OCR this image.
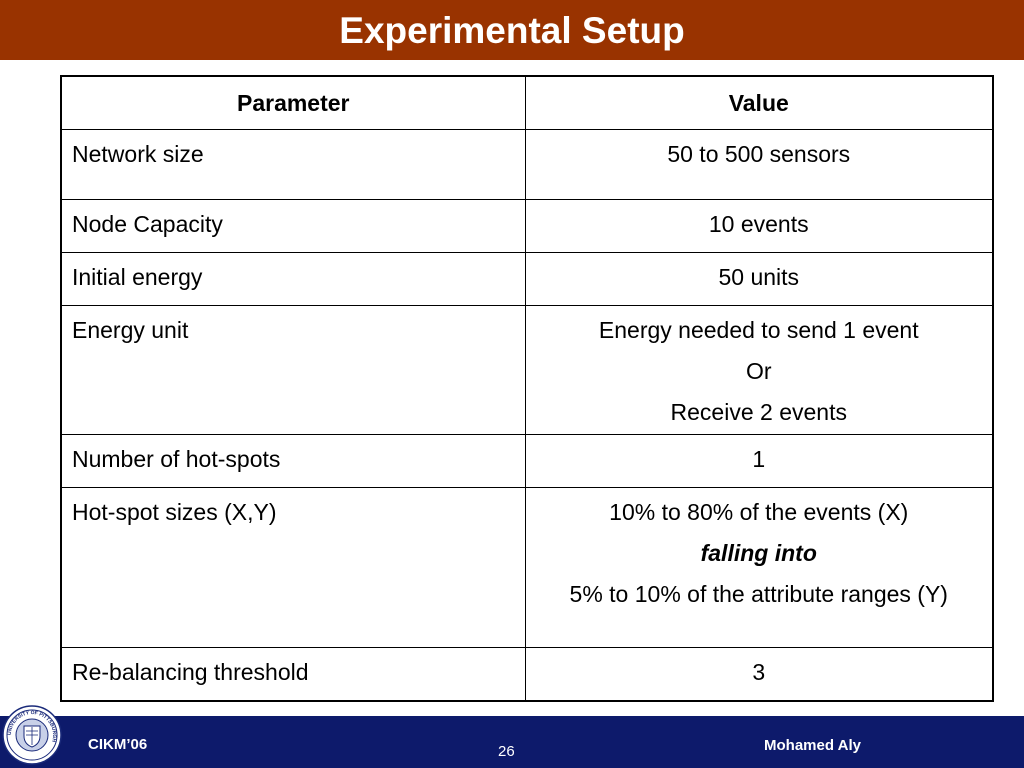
Experimental Setup
Parameter	Value
Network size	50 to 500 sensors
Node Capacity	10 events
Initial energy	50 units
Energy unit	Energy needed to send 1 event
Or
Receive 2 events

Number of hot-spots	1
Hot-spot sizes (X,Y)	10% to 80% of the events (X)
falling into
5% to 10% of the attribute ranges (Y)

Re-balancing threshold	3
UNIVERSITY OF PITTSBURGH CIKM’06	26	Mohamed Aly
